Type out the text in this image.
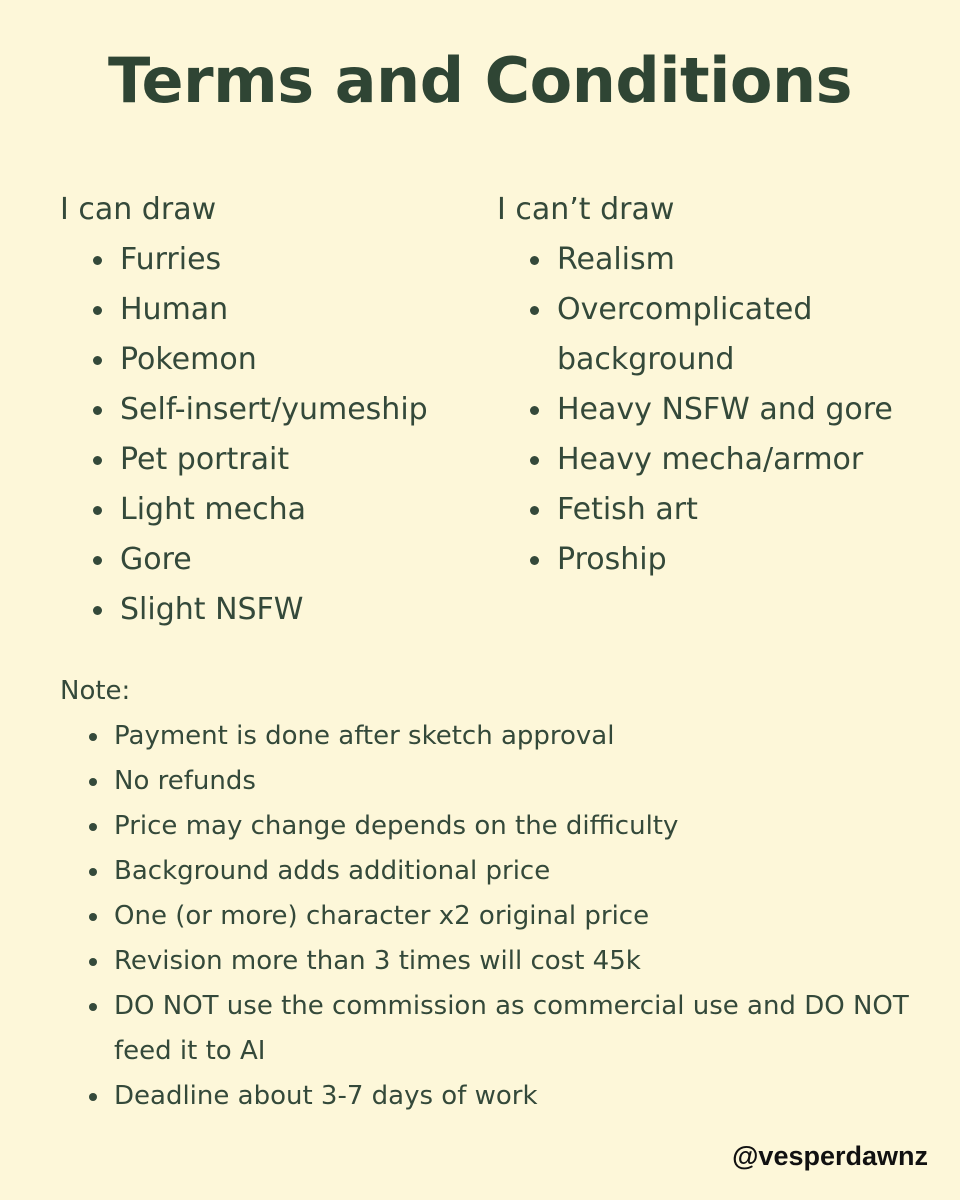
Terms and Conditions
I can draw
Furries
Human
Pokemon
Self-insert/yumeship
Pet portrait
Light mecha
Gore
Slight NSFW
I can’t draw
Realism
Overcomplicated background
Heavy NSFW and gore
Heavy mecha/armor
Fetish art
Proship
Note:
Payment is done after sketch approval
No refunds
Price may change depends on the difficulty
Background adds additional price
One (or more) character x2 original price
Revision more than 3 times will cost 45k
DO NOT use the commission as commercial use and DO NOT feed it to AI
Deadline about 3-7 days of work
@vesperdawnz
